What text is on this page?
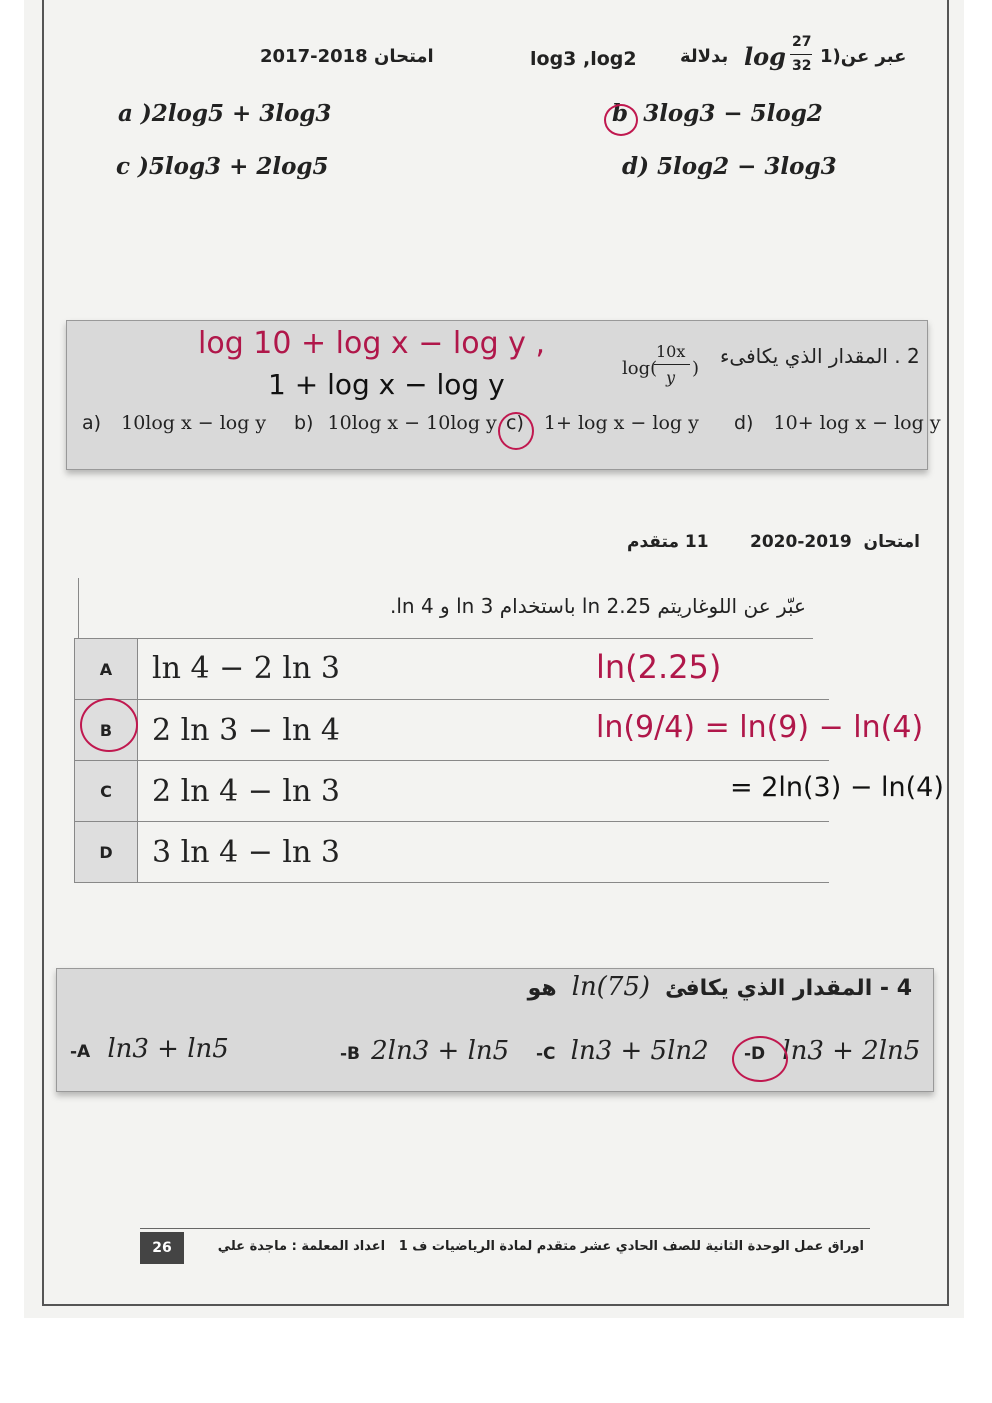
امتحان 2018-2017	log3 ,log2 بدلالة log 27
32 1)عبر عن
a )2log5 + 3log3
c )5log3 + 2log5
b 3log3 − 5log2
d) 5log2 − 3log3
log 10 + log x − log y ,
1 + log x − log y	log(
10x
y )
2 . المقدار الذي يكافىء
a) 10log x − log y b) 10log x − 10log y c) 1+ log x − log y d) 10+ log x − log y
امتحان  2019-2020       11 متقدم
عبّر عن اللوغاريتم ln 2.25 باستخدام ln 3 و ln 4.
A	ln 4 − 2 ln 3
B	2 ln 3 − ln 4
C	2 ln 4 − ln 3
D	3 ln 4 − ln 3
ln(2.25)
ln(9/4) = ln(9) − ln(4)
= 2ln(3) − ln(4)
4 - المقدار الذي يكافئ ln(75) هو
-A ln3 + ln5	-B 2ln3 + ln5 -C ln3 + 5ln2 -D ln3 + 2ln5
اوراق عمل الوحدة الثانية للصف الحادي عشر متقدم لمادة الرياضيات ف 1   اعداد المعلمة : ماجدة علي
26
